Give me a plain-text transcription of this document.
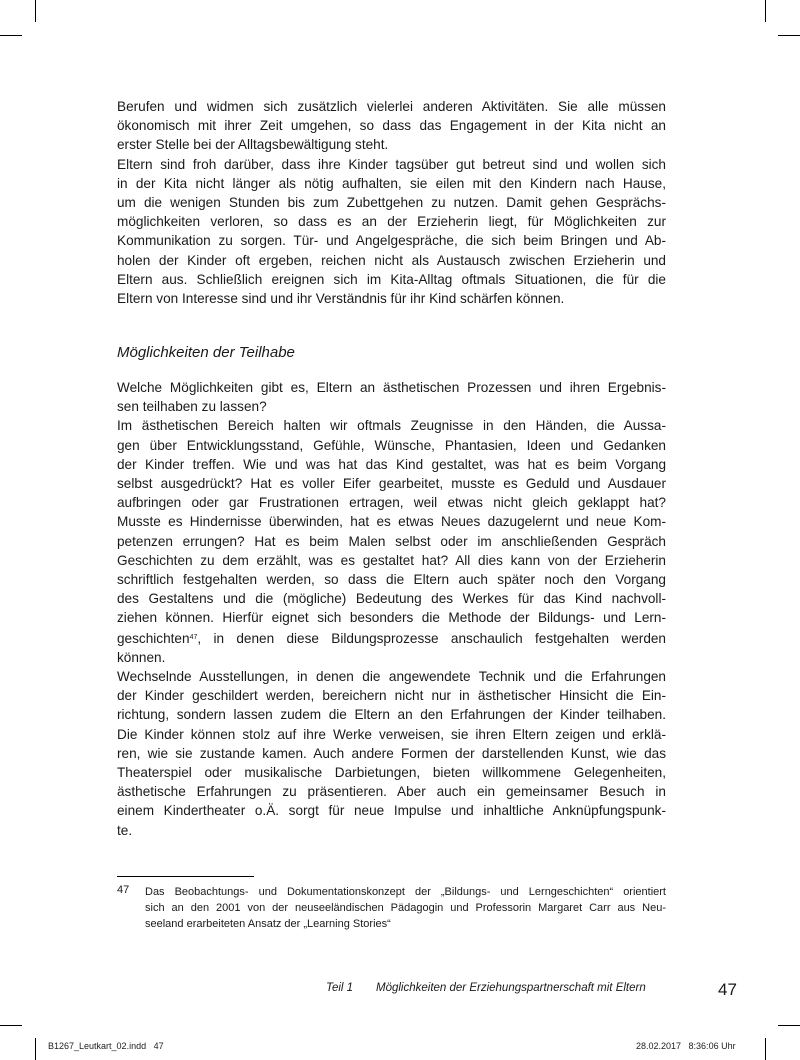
Berufen und widmen sich zusätzlich vielerlei anderen Aktivitäten. Sie alle müssen
ökonomisch mit ihrer Zeit umgehen, so dass das Engagement in der Kita nicht an
erster Stelle bei der Alltagsbewältigung steht.
Eltern sind froh darüber, dass ihre Kinder tagsüber gut betreut sind und wollen sich
in der Kita nicht länger als nötig aufhalten, sie eilen mit den Kindern nach Hause,
um die wenigen Stunden bis zum Zubettgehen zu nutzen. Damit gehen Gesprächs-
möglichkeiten verloren, so dass es an der Erzieherin liegt, für Möglichkeiten zur
Kommunikation zu sorgen. Tür- und Angelgespräche, die sich beim Bringen und Ab-
holen der Kinder oft ergeben, reichen nicht als Austausch zwischen Erzieherin und
Eltern aus. Schließlich ereignen sich im Kita-Alltag oftmals Situationen, die für die
Eltern von Interesse sind und ihr Verständnis für ihr Kind schärfen können.
Möglichkeiten der Teilhabe
Welche Möglichkeiten gibt es, Eltern an ästhetischen Prozessen und ihren Ergebnis-
sen teilhaben zu lassen?
Im ästhetischen Bereich halten wir oftmals Zeugnisse in den Händen, die Aussa-
gen über Entwicklungsstand, Gefühle, Wünsche, Phantasien, Ideen und Gedanken
der Kinder treffen. Wie und was hat das Kind gestaltet, was hat es beim Vorgang
selbst ausgedrückt? Hat es voller Eifer gearbeitet, musste es Geduld und Ausdauer
aufbringen oder gar Frustrationen ertragen, weil etwas nicht gleich geklappt hat?
Musste es Hindernisse überwinden, hat es etwas Neues dazugelernt und neue Kom-
petenzen errungen? Hat es beim Malen selbst oder im anschließenden Gespräch
Geschichten zu dem erzählt, was es gestaltet hat? All dies kann von der Erzieherin
schriftlich festgehalten werden, so dass die Eltern auch später noch den Vorgang
des Gestaltens und die (mögliche) Bedeutung des Werkes für das Kind nachvoll-
ziehen können. Hierfür eignet sich besonders die Methode der Bildungs- und Lern-
geschichten$^{47}$, in denen diese Bildungsprozesse anschaulich festgehalten werden
können.
Wechselnde Ausstellungen, in denen die angewendete Technik und die Erfahrungen
der Kinder geschildert werden, bereichern nicht nur in ästhetischer Hinsicht die Ein-
richtung, sondern lassen zudem die Eltern an den Erfahrungen der Kinder teilhaben.
Die Kinder können stolz auf ihre Werke verweisen, sie ihren Eltern zeigen und erklä-
ren, wie sie zustande kamen. Auch andere Formen der darstellenden Kunst, wie das
Theaterspiel oder musikalische Darbietungen, bieten willkommene Gelegenheiten,
ästhetische Erfahrungen zu präsentieren. Aber auch ein gemeinsamer Besuch in
einem Kindertheater o.Ä. sorgt für neue Impulse und inhaltliche Anknüpfungspunk-
te.
47 Das Beobachtungs- und Dokumentationskonzept der „Bildungs- und Lerngeschichten“ orientiert
sich an den 2001 von der neuseeländischen Pädagogin und Professorin Margaret Carr aus Neu-
seeland erarbeiteten Ansatz der „Learning Stories“
Teil 1 Möglichkeiten der Erziehungspartnerschaft mit Eltern	47
B1267_Leutkart_02.indd   47	28.02.2017   8:36:06 Uhr
